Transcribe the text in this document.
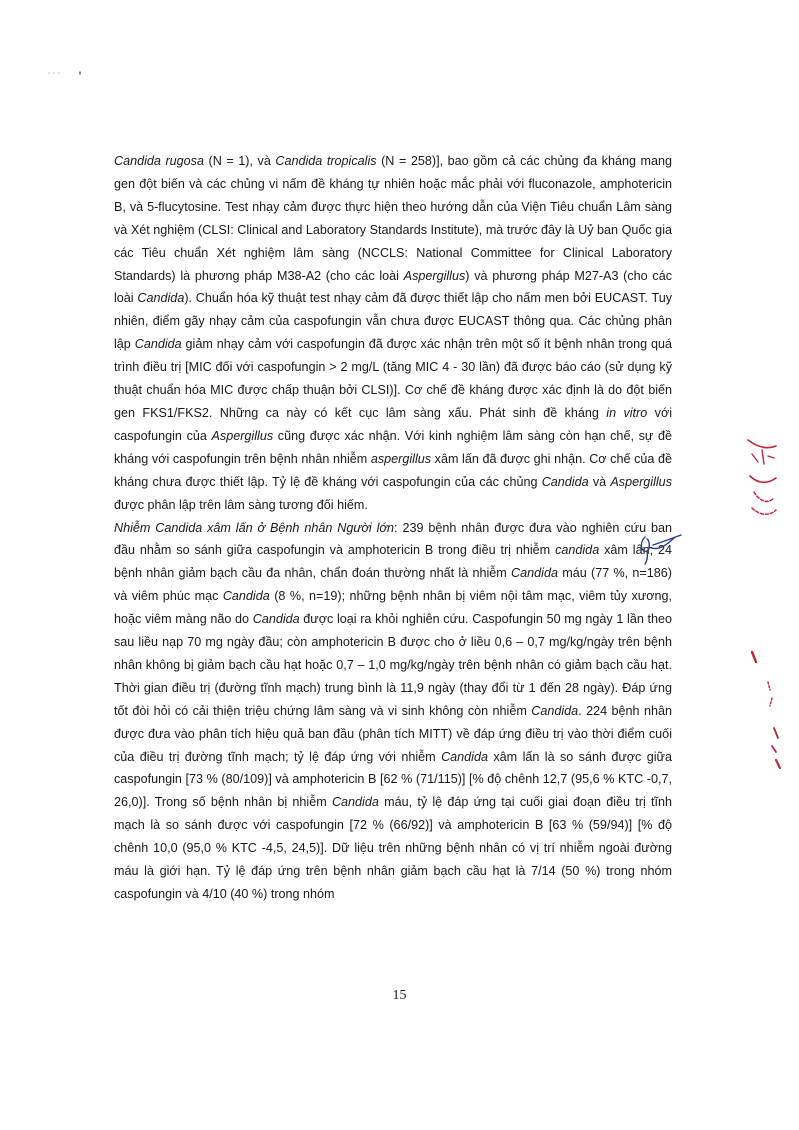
Candida rugosa (N = 1), và Candida tropicalis (N = 258)], bao gồm cả các chủng đa kháng mang gen đột biến và các chủng vi nấm đề kháng tự nhiên hoặc mắc phải với fluconazole, amphotericin B, và 5-flucytosine. Test nhạy cảm được thực hiện theo hướng dẫn của Viện Tiêu chuẩn Lâm sàng và Xét nghiệm (CLSI: Clinical and Laboratory Standards Institute), mà trước đây là Uỷ ban Quốc gia các Tiêu chuẩn Xét nghiệm lâm sàng (NCCLS: National Committee for Clinical Laboratory Standards) là phương pháp M38-A2 (cho các loài Aspergillus) và phương pháp M27-A3 (cho các loài Candida). Chuẩn hóa kỹ thuật test nhạy cảm đã được thiết lập cho nấm men bởi EUCAST. Tuy nhiên, điểm gãy nhạy cảm của caspofungin vẫn chưa được EUCAST thông qua. Các chủng phân lập Candida giảm nhạy cảm với caspofungin đã được xác nhận trên một số ít bệnh nhân trong quá trình điều trị [MIC đối với caspofungin > 2 mg/L (tăng MIC 4 - 30 lần) đã được báo cáo (sử dụng kỹ thuật chuẩn hóa MIC được chấp thuận bởi CLSI)]. Cơ chế đề kháng được xác định là do đột biến gen FKS1/FKS2. Những ca này có kết cục lâm sàng xấu. Phát sinh đề kháng in vitro với caspofungin của Aspergillus cũng được xác nhận. Với kinh nghiệm lâm sàng còn hạn chế, sự đề kháng với caspofungin trên bệnh nhân nhiễm aspergillus xâm lấn đã được ghi nhận. Cơ chế của đề kháng chưa được thiết lập. Tỷ lệ đề kháng với caspofungin của các chủng Candida và Aspergillus được phân lập trên lâm sàng tương đối hiếm.

Nhiễm Candida xâm lấn ở Bệnh nhân Người lớn: 239 bệnh nhân được đưa vào nghiên cứu ban đầu nhằm so sánh giữa caspofungin và amphotericin B trong điều trị nhiễm candida xâm lấn; 24 bệnh nhân giảm bạch cầu đa nhân, chẩn đoán thường nhất là nhiễm Candida máu (77 %, n=186) và viêm phúc mạc Candida (8 %, n=19); những bệnh nhân bị viêm nội tâm mạc, viêm tủy xương, hoặc viêm màng não do Candida được loại ra khỏi nghiên cứu. Caspofungin 50 mg ngày 1 lần theo sau liều nạp 70 mg ngày đầu; còn amphotericin B được cho ở liều 0,6 – 0,7 mg/kg/ngày trên bệnh nhân không bị giảm bạch cầu hạt hoặc 0,7 – 1,0 mg/kg/ngày trên bệnh nhân có giảm bạch cầu hạt. Thời gian điều trị (đường tĩnh mạch) trung bình là 11,9 ngày (thay đổi từ 1 đến 28 ngày). Đáp ứng tốt đòi hỏi có cải thiện triệu chứng lâm sàng và vi sinh không còn nhiễm Candida. 224 bệnh nhân được đưa vào phân tích hiệu quả ban đầu (phân tích MITT) về đáp ứng điều trị vào thời điểm cuối của điều trị đường tĩnh mạch; tỷ lệ đáp ứng với nhiễm Candida xâm lấn là so sánh được giữa caspofungin [73 % (80/109)] và amphotericin B [62 % (71/115)] [% độ chênh 12,7 (95,6 % KTC -0,7, 26,0)]. Trong số bệnh nhân bị nhiễm Candida máu, tỷ lệ đáp ứng tại cuối giai đoạn điều trị tĩnh mạch là so sánh được với caspofungin [72 % (66/92)] và amphotericin B [63 % (59/94)] [% độ chênh 10,0 (95,0 % KTC -4,5, 24,5)]. Dữ liệu trên những bệnh nhân có vị trí nhiễm ngoài đường máu là giới hạn. Tỷ lệ đáp ứng trên bệnh nhân giảm bạch cầu hạt là 7/14 (50 %) trong nhóm caspofungin và 4/10 (40 %) trong nhóm

15
